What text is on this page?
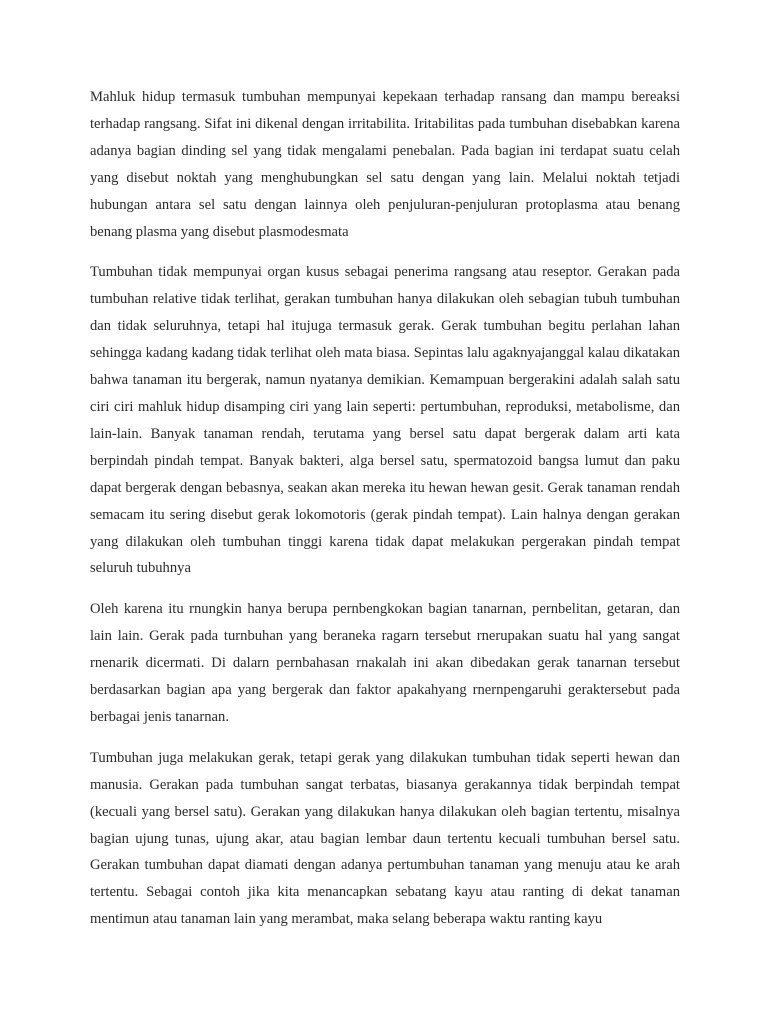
Mahluk hidup termasuk tumbuhan mempunyai kepekaan terhadap ransang dan mampu bereaksi terhadap rangsang. Sifat ini dikenal dengan irritabilita. Iritabilitas pada tumbuhan disebabkan karena adanya bagian dinding sel yang tidak mengalami penebalan. Pada bagian ini terdapat suatu celah yang disebut noktah yang menghubungkan sel satu dengan yang lain. Melalui noktah tetjadi hubungan antara sel satu dengan lainnya oleh penjuluran-penjuluran protoplasma atau benang benang plasma yang disebut plasmodesmata

Tumbuhan tidak mempunyai organ kusus sebagai penerima rangsang atau reseptor. Gerakan pada tumbuhan relative tidak terlihat, gerakan tumbuhan hanya dilakukan oleh sebagian tubuh tumbuhan dan tidak seluruhnya, tetapi hal itujuga termasuk gerak. Gerak tumbuhan begitu perlahan lahan sehingga kadang kadang tidak terlihat oleh mata biasa. Sepintas lalu agaknyajanggal kalau dikatakan bahwa tanaman itu bergerak, namun nyatanya demikian. Kemampuan bergerakini adalah salah satu ciri ciri mahluk hidup disamping ciri yang lain seperti: pertumbuhan, reproduksi, metabolisme, dan lain-lain. Banyak tanaman rendah, terutama yang bersel satu dapat bergerak dalam arti kata berpindah pindah tempat. Banyak bakteri, alga bersel satu, spermatozoid bangsa lumut dan paku dapat bergerak dengan bebasnya, seakan akan mereka itu hewan hewan gesit. Gerak tanaman rendah semacam itu sering disebut gerak lokomotoris (gerak pindah tempat). Lain halnya dengan gerakan yang dilakukan oleh tumbuhan tinggi karena tidak dapat melakukan pergerakan pindah tempat seluruh tubuhnya

Oleh karena itu rnungkin hanya berupa pernbengkokan bagian tanarnan, pernbelitan, getaran, dan lain lain. Gerak pada turnbuhan yang beraneka ragarn tersebut rnerupakan suatu hal yang sangat rnenarik dicermati. Di dalarn pernbahasan rnakalah ini akan dibedakan gerak tanarnan tersebut berdasarkan bagian apa yang bergerak dan faktor apakahyang rnernpengaruhi geraktersebut pada berbagai jenis tanarnan.

Tumbuhan juga melakukan gerak, tetapi gerak yang dilakukan tumbuhan tidak seperti hewan dan manusia. Gerakan pada tumbuhan sangat terbatas, biasanya gerakannya tidak berpindah tempat (kecuali yang bersel satu). Gerakan yang dilakukan hanya dilakukan oleh bagian tertentu, misalnya bagian ujung tunas, ujung akar, atau bagian lembar daun tertentu kecuali tumbuhan bersel satu. Gerakan tumbuhan dapat diamati dengan adanya pertumbuhan tanaman yang menuju atau ke arah tertentu. Sebagai contoh jika kita menancapkan sebatang kayu atau ranting di dekat tanaman mentimun atau tanaman lain yang merambat, maka selang beberapa waktu ranting kayu
